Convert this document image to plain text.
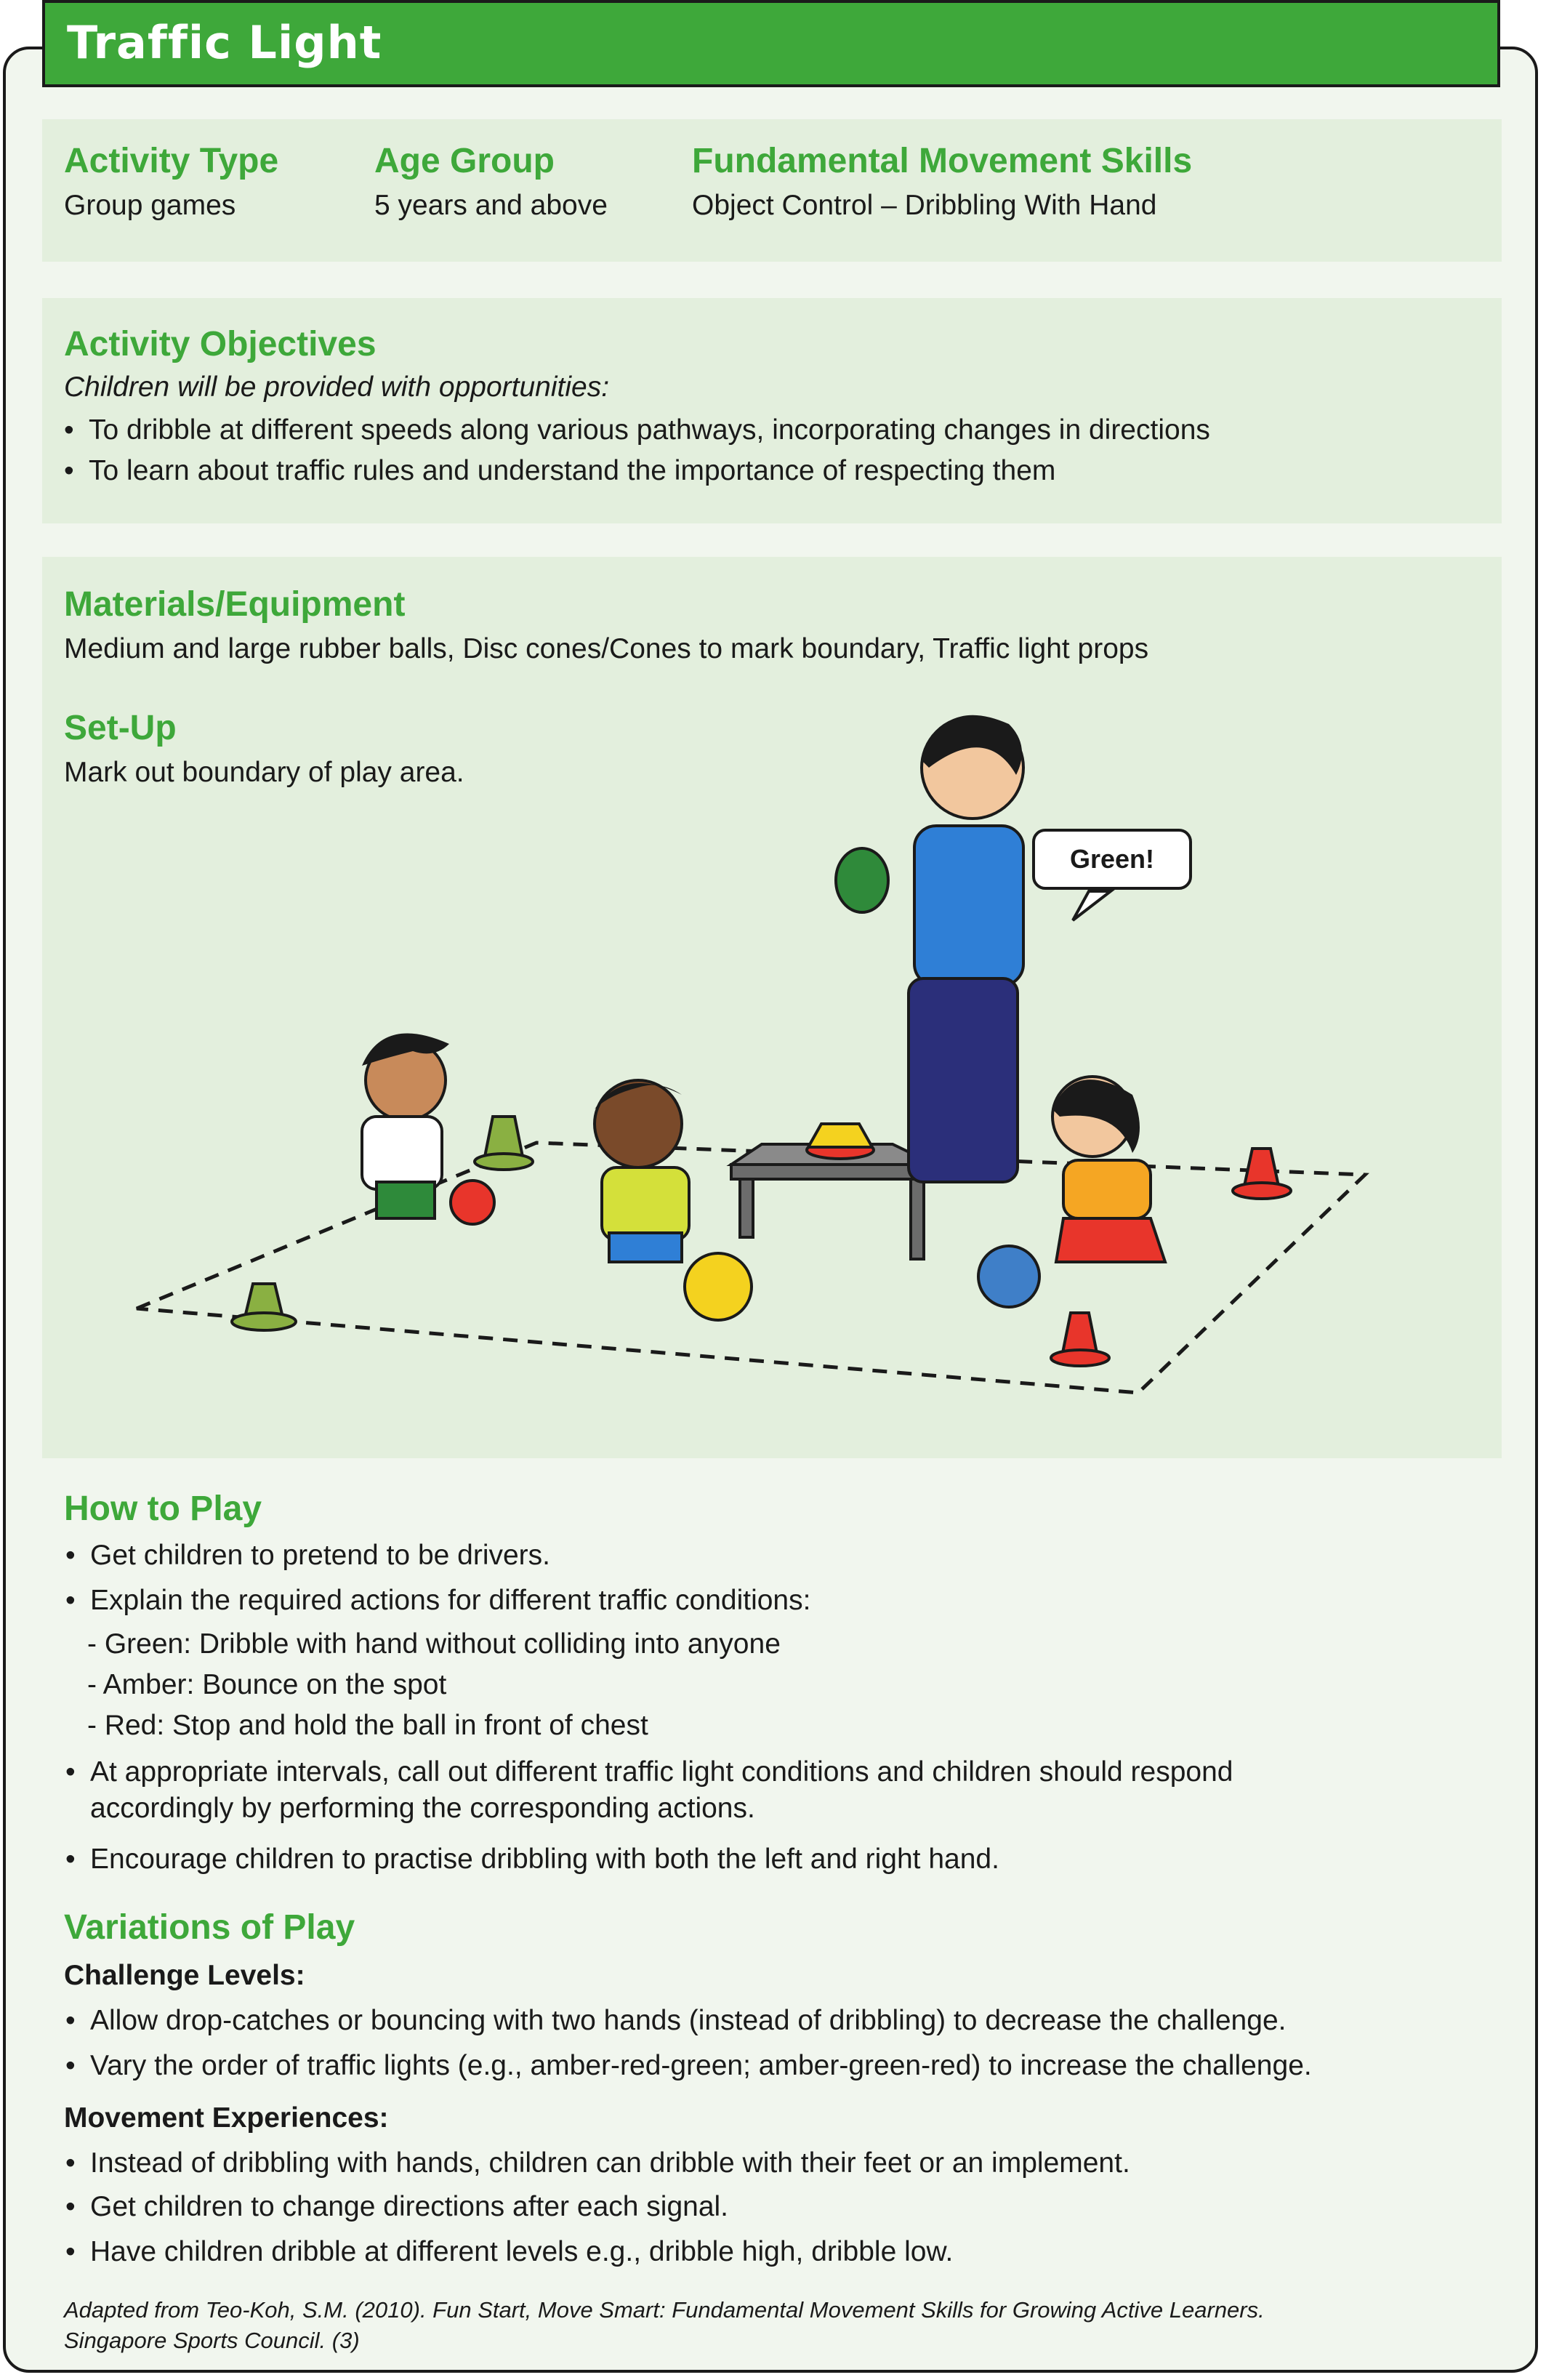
Traffic Light
Activity Type
Group games
Age Group
5 years and above
Fundamental Movement Skills
Object Control – Dribbling With Hand
Activity Objectives
Children will be provided with opportunities:
• To dribble at different speeds along various pathways, incorporating changes in directions
• To learn about traffic rules and understand the importance of respecting them
Materials/Equipment
Medium and large rubber balls, Disc cones/Cones to mark boundary, Traffic light props
Set-Up
Mark out boundary of play area.
Green!
How to Play
• Get children to pretend to be drivers.
• Explain the required actions for different traffic conditions:
- Green: Dribble with hand without colliding into anyone
- Amber: Bounce on the spot
- Red: Stop and hold the ball in front of chest
• At appropriate intervals, call out different traffic light conditions and children should respond
accordingly by performing the corresponding actions.
• Encourage children to practise dribbling with both the left and right hand.
Variations of Play
Challenge Levels:
• Allow drop-catches or bouncing with two hands (instead of dribbling) to decrease the challenge.
• Vary the order of traffic lights (e.g., amber-red-green; amber-green-red) to increase the challenge.
Movement Experiences:
• Instead of dribbling with hands, children can dribble with their feet or an implement.
• Get children to change directions after each signal.
• Have children dribble at different levels e.g., dribble high, dribble low.
Adapted from Teo-Koh, S.M. (2010). Fun Start, Move Smart: Fundamental Movement Skills for Growing Active Learners.
Singapore Sports Council. (3)
